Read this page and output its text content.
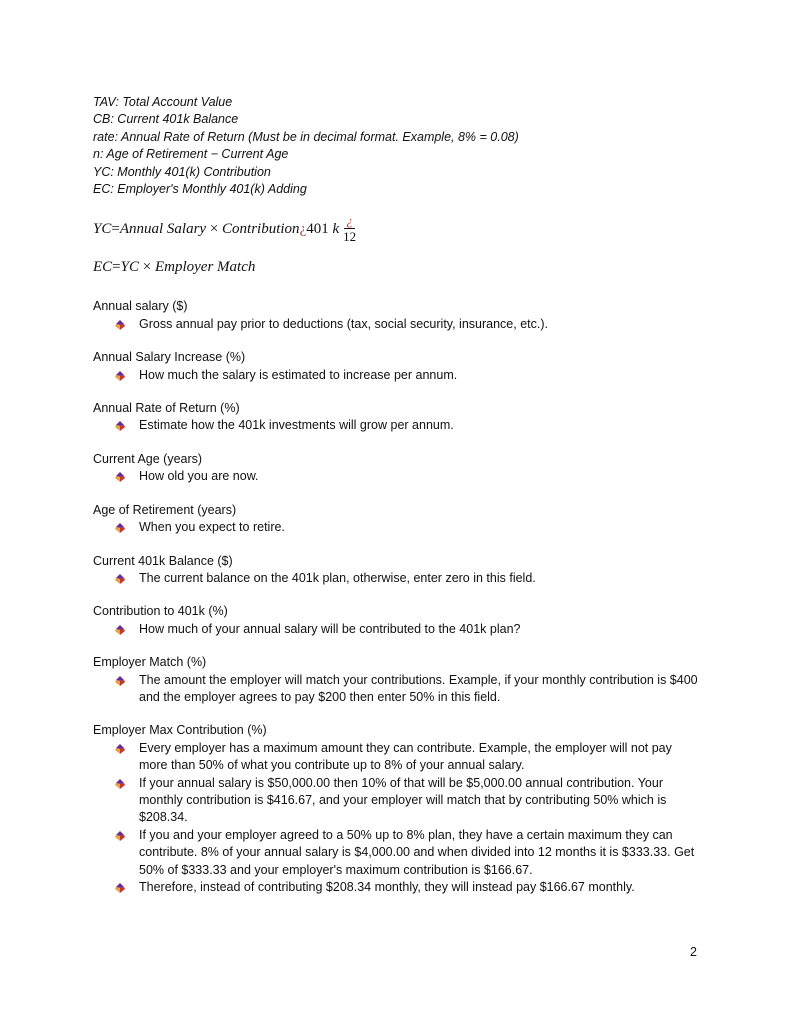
TAV: Total Account Value
CB: Current 401k Balance
rate: Annual Rate of Return (Must be in decimal format. Example, 8% = 0.08)
n: Age of Retirement − Current Age
YC: Monthly 401(k) Contribution
EC: Employer's Monthly 401(k) Adding
YC = Annual Salary
×
Contribution ¿ 401
k $\frac{¿}{12}$
EC = YC
×
Employer Match
Annual salary ($)
Gross annual pay prior to deductions (tax, social security, insurance, etc.).
Annual Salary Increase (%)
How much the salary is estimated to increase per annum.
Annual Rate of Return (%)
Estimate how the 401k investments will grow per annum.
Current Age (years)
How old you are now.
Age of Retirement (years)
When you expect to retire.
Current 401k Balance ($)
The current balance on the 401k plan, otherwise, enter zero in this field.
Contribution to 401k (%)
How much of your annual salary will be contributed to the 401k plan?
Employer Match (%)
The amount the employer will match your contributions. Example, if your monthly contribution is $400 and the employer agrees to pay $200 then enter 50% in this field.
Employer Max Contribution (%)
Every employer has a maximum amount they can contribute. Example, the employer will not pay more than 50% of what you contribute up to 8% of your annual salary.
If your annual salary is $50,000.00 then 10% of that will be $5,000.00 annual contribution. Your monthly contribution is $416.67, and your employer will match that by contributing 50% which is $208.34.
If you and your employer agreed to a 50% up to 8% plan, they have a certain maximum they can contribute. 8% of your annual salary is $4,000.00 and when divided into 12 months it is $333.33. Get 50% of $333.33 and your employer's maximum contribution is $166.67.
Therefore, instead of contributing $208.34 monthly, they will instead pay $166.67 monthly.
2
